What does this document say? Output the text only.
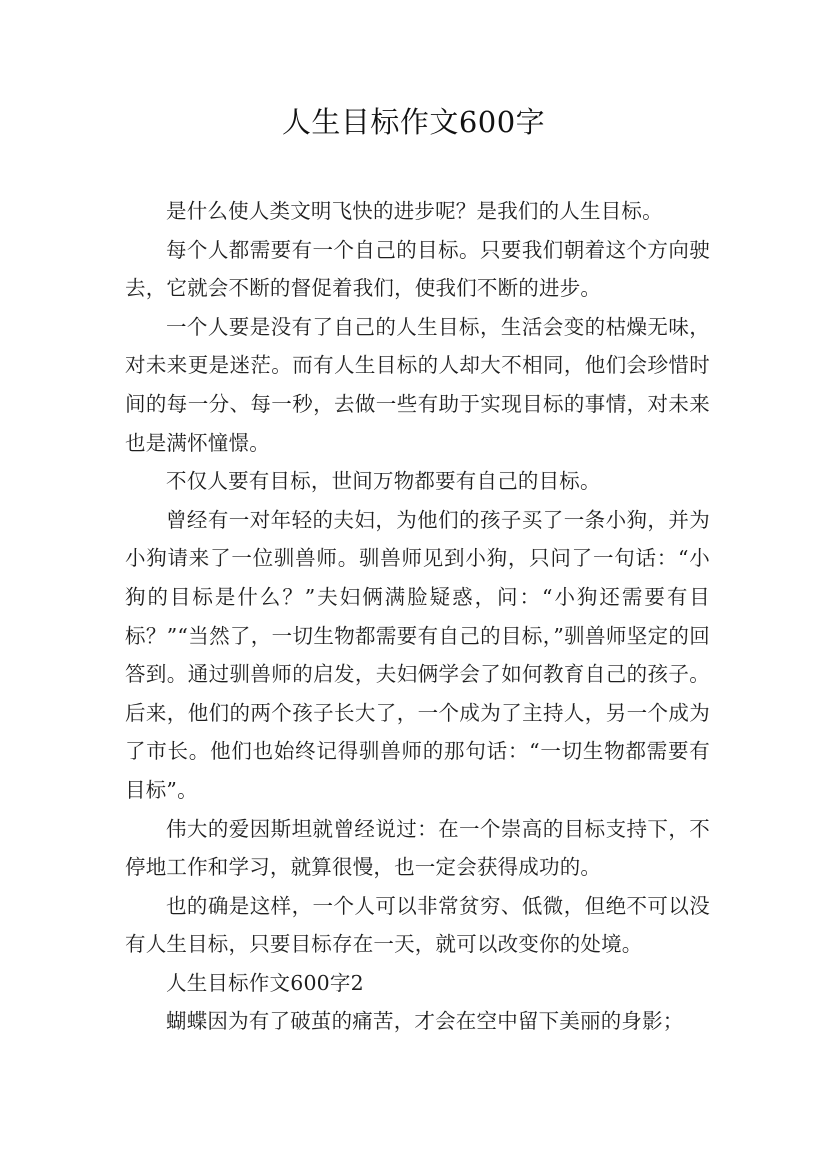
人生目标作文600字

是什么使人类文明飞快的进步呢？是我们的人生目标。

每个人都需要有一个自己的目标。只要我们朝着这个方向驶去，它就会不断的督促着我们，使我们不断的进步。

一个人要是没有了自己的人生目标，生活会变的枯燥无味，对未来更是迷茫。而有人生目标的人却大不相同，他们会珍惜时间的每一分、每一秒，去做一些有助于实现目标的事情，对未来也是满怀憧憬。

不仅人要有目标，世间万物都要有自己的目标。

曾经有一对年轻的夫妇，为他们的孩子买了一条小狗，并为小狗请来了一位驯兽师。驯兽师见到小狗，只问了一句话：“小狗的目标是什么？”夫妇俩满脸疑惑，问：“小狗还需要有目标？”“当然了，一切生物都需要有自己的目标，”驯兽师坚定的回答到。通过驯兽师的启发，夫妇俩学会了如何教育自己的孩子。后来，他们的两个孩子长大了，一个成为了主持人，另一个成为了市长。他们也始终记得驯兽师的那句话：“一切生物都需要有目标”。

伟大的爱因斯坦就曾经说过：在一个崇高的目标支持下，不停地工作和学习，就算很慢，也一定会获得成功的。

也的确是这样，一个人可以非常贫穷、低微，但绝不可以没有人生目标，只要目标存在一天，就可以改变你的处境。

人生目标作文600字2

蝴蝶因为有了破茧的痛苦，才会在空中留下美丽的身影；
